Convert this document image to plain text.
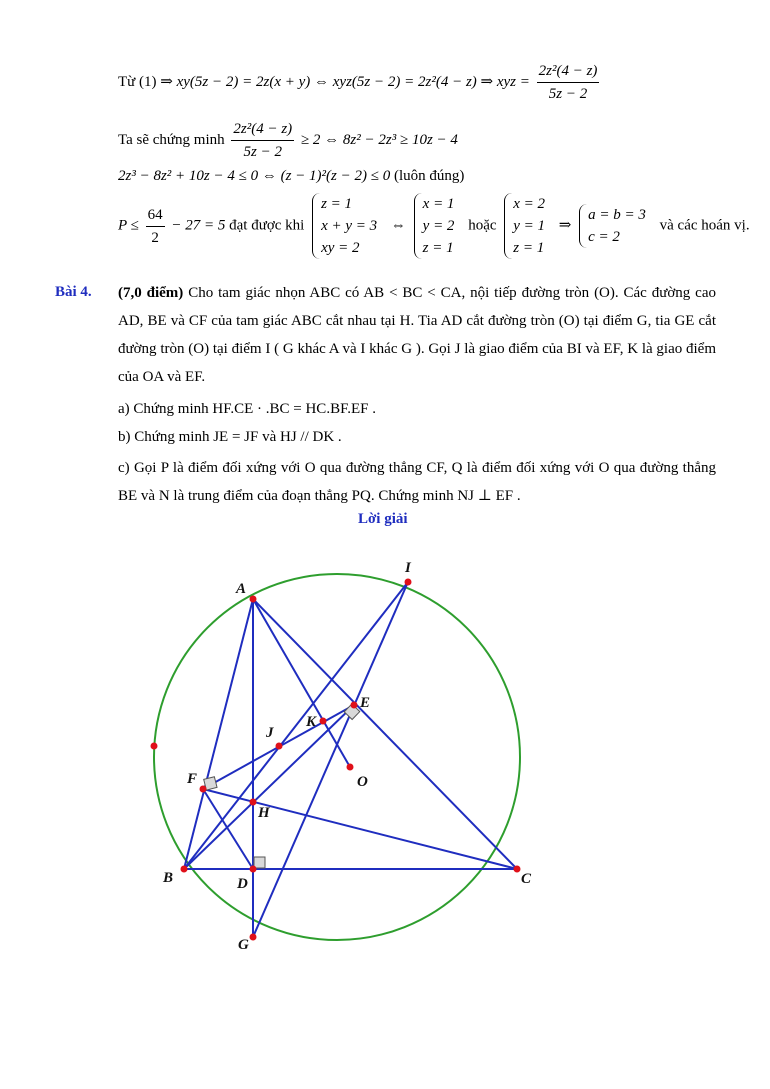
Từ (1) ⇒ xy(5z − 2) = 2z(x + y) ⇔ xyz(5z − 2) = 2z²(4 − z) ⇒ xyz = $\frac{\text{2z²(4 − z)}}{5z - 2}$
Ta sẽ chứng minh $\frac{\text{2z²(4 − z)}}{5z - 2} \ge 2$ ⇔ 8z² − 2z³ ≥ 10z − 4
2z³ − 8z² + 10z − 4 ≤ 0 ⇔ (z − 1)²(z − 2) ≤ 0 (luôn đúng)
$P \le \frac{64}{2} - 27 = 5$ đạt được khi
z = 1
x + y = 3
xy = 2
⇔
x = 1
y = 2
z = 1
hoặc
x = 2
y = 1
z = 1
⇒
a = b = 3
c = 2
và các hoán vị.
Bài 4. (7,0 điểm) Cho tam giác nhọn ABC có AB < BC < CA, nội tiếp đường tròn (O). Các đường cao AD, BE và CF của tam giác ABC cắt nhau tại H. Tia AD cắt đường tròn (O) tại điểm G, tia GE cắt đường tròn (O) tại điểm I ( G khác A và I khác G ). Gọi J là giao điểm của BI và EF, K là giao điểm của OA và EF.
a) Chứng minh HF.CE · .BC = HC.BF.EF .
b) Chứng minh JE = JF và HJ // DK .
c) Gọi P là điểm đối xứng với O qua đường thẳng CF, Q là điểm đối xứng với O qua đường thẳng BE và N là trung điểm của đoạn thẳng PQ. Chứng minh NJ ⊥ EF .
Lời giải
A
B	C
D
E
F
G
H
I
J
K
O
